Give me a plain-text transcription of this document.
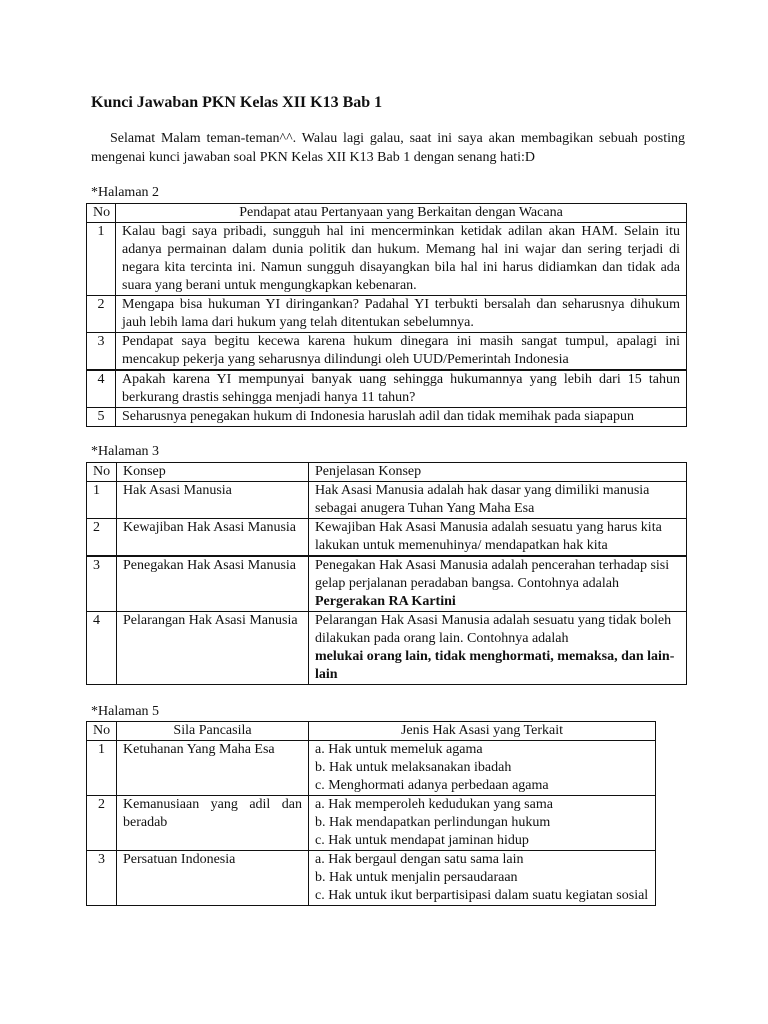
Kunci Jawaban PKN Kelas XII K13 Bab 1

Selamat Malam teman-teman^^. Walau lagi galau, saat ini saya akan membagikan sebuah posting mengenai kunci jawaban soal PKN Kelas XII K13 Bab 1 dengan senang hati:D

*Halaman 2

No	Pendapat atau Pertanyaan yang Berkaitan dengan Wacana
1	Kalau bagi saya pribadi, sungguh hal ini mencerminkan ketidak adilan akan HAM. Selain itu adanya permainan dalam dunia politik dan hukum. Memang hal ini wajar dan sering terjadi di negara kita tercinta ini. Namun sungguh disayangkan bila hal ini harus didiamkan dan tidak ada suara yang berani untuk mengungkapkan kebenaran.
2	Mengapa bisa hukuman YI diringankan? Padahal YI terbukti bersalah dan seharusnya dihukum jauh lebih lama dari hukum yang telah ditentukan sebelumnya.
3	Pendapat saya begitu kecewa karena hukum dinegara ini masih sangat tumpul, apalagi ini mencakup pekerja yang seharusnya dilindungi oleh UUD/Pemerintah Indonesia
4	Apakah karena YI mempunyai banyak uang sehingga hukumannya yang lebih dari 15 tahun berkurang drastis sehingga menjadi hanya 11 tahun?
5	Seharusnya penegakan hukum di Indonesia haruslah adil dan tidak memihak pada siapapun

*Halaman 3

No	Konsep	Penjelasan Konsep
1	Hak Asasi Manusia	Hak Asasi Manusia adalah hak dasar yang dimiliki manusia sebagai anugera Tuhan Yang Maha Esa
2	Kewajiban Hak Asasi Manusia	Kewajiban Hak Asasi Manusia adalah sesuatu yang harus kita lakukan untuk memenuhinya/ mendapatkan hak kita
3	Penegakan Hak Asasi Manusia	Penegakan Hak Asasi Manusia adalah pencerahan terhadap sisi gelap perjalanan peradaban bangsa. Contohnya adalah
Pergerakan RA Kartini
4	Pelarangan Hak Asasi Manusia	Pelarangan Hak Asasi Manusia adalah sesuatu yang tidak boleh dilakukan pada orang lain. Contohnya adalah
melukai orang lain, tidak menghormati, memaksa, dan lain-lain

*Halaman 5

No	Sila Pancasila	Jenis Hak Asasi yang Terkait
1	Ketuhanan Yang Maha Esa	a. Hak untuk memeluk agama
b. Hak untuk melaksanakan ibadah
c. Menghormati adanya perbedaan agama

2	Kemanusiaan yang adil dan beradab	a. Hak memperoleh kedudukan yang sama
b. Hak mendapatkan perlindungan hukum
c. Hak untuk mendapat jaminan hidup

3	Persatuan Indonesia	a. Hak bergaul dengan satu sama lain
b. Hak untuk menjalin persaudaraan
c. Hak untuk ikut berpartisipasi dalam suatu kegiatan sosial
